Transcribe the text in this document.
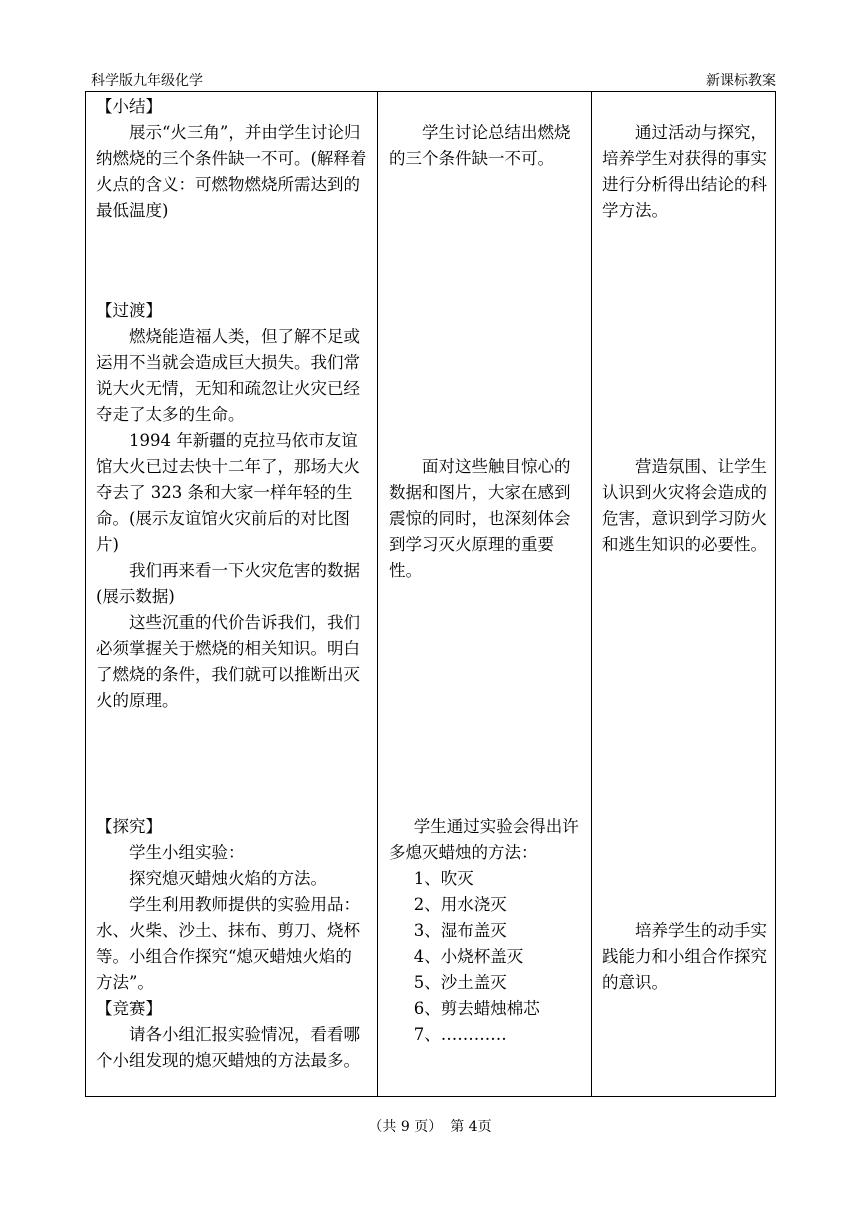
科学版九年级化学	新课标教案
【小结】

展示“火三角”，并由学生讨论归纳燃烧的三个条件缺一不可。(解释着火点的含义：可燃物燃烧所需达到的最低温度)

【过渡】

燃烧能造福人类，但了解不足或运用不当就会造成巨大损失。我们常说大火无情，无知和疏忽让火灾已经夺走了太多的生命。

1994 年新疆的克拉马依市友谊馆大火已过去快十二年了，那场大火夺去了 323 条和大家一样年轻的生命。(展示友谊馆火灾前后的对比图片)

我们再来看一下火灾危害的数据(展示数据)

这些沉重的代价告诉我们，我们必须掌握关于燃烧的相关知识。明白了燃烧的条件，我们就可以推断出灭火的原理。

【探究】

学生小组实验：

探究熄灭蜡烛火焰的方法。

学生利用教师提供的实验用品：水、火柴、沙土、抹布、剪刀、烧杯等。小组合作探究“熄灭蜡烛火焰的方法”。

【竞赛】

请各小组汇报实验情况，看看哪个小组发现的熄灭蜡烛的方法最多。

学生讨论总结出燃烧的三个条件缺一不可。

面对这些触目惊心的数据和图片，大家在感到震惊的同时，也深刻体会到学习灭火原理的重要性。

学生通过实验会得出许多熄灭蜡烛的方法：

1、吹灭

2、用水浇灭

3、湿布盖灭

4、小烧杯盖灭

5、沙土盖灭

6、剪去蜡烛棉芯

7、…………

通过活动与探究，培养学生对获得的事实进行分析得出结论的科学方法。

营造氛围、让学生认识到火灾将会造成的危害，意识到学习防火和逃生知识的必要性。

培养学生的动手实践能力和小组合作探究的意识。

（共 9 页） 第 4页
